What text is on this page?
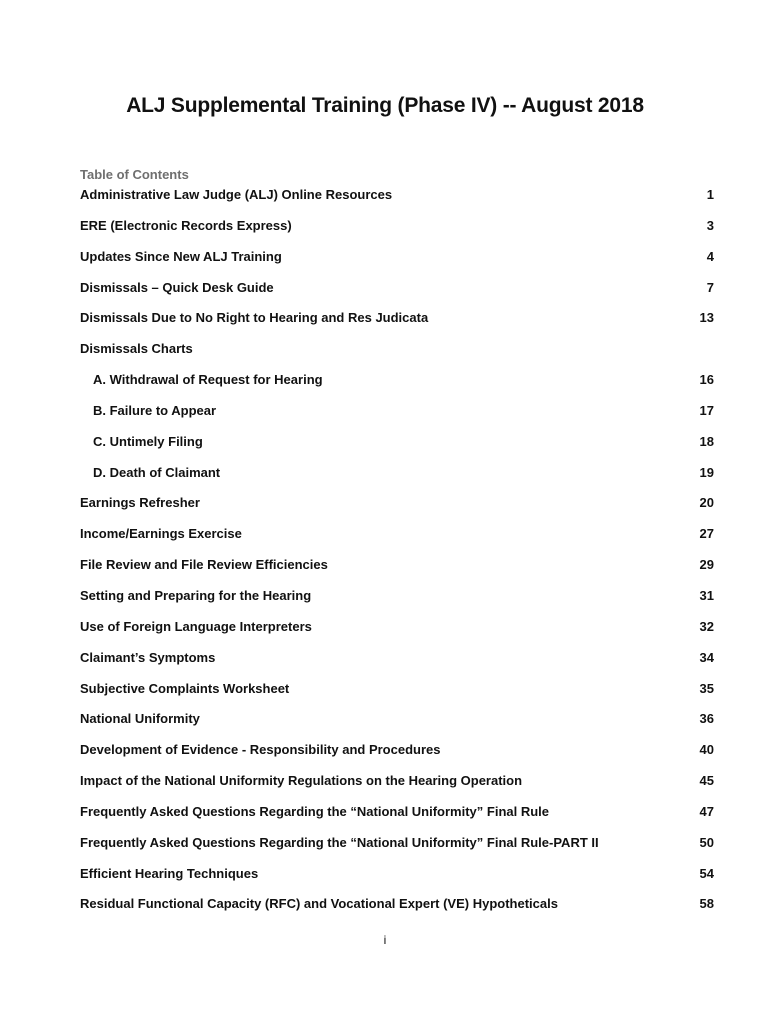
ALJ Supplemental Training (Phase IV) -- August 2018
Table of Contents
Administrative Law Judge (ALJ) Online Resources	1
ERE (Electronic Records Express)	3
Updates Since New ALJ Training	4
Dismissals – Quick Desk Guide	7
Dismissals Due to No Right to Hearing and Res Judicata	13
Dismissals Charts
A. Withdrawal of Request for Hearing	16
B. Failure to Appear	17
C. Untimely Filing	18
D. Death of Claimant	19
Earnings Refresher	20
Income/Earnings Exercise	27
File Review and File Review Efficiencies	29
Setting and Preparing for the Hearing	31
Use of Foreign Language Interpreters	32
Claimant’s Symptoms	34
Subjective Complaints Worksheet	35
National Uniformity	36
Development of Evidence - Responsibility and Procedures	40
Impact of the National Uniformity Regulations on the Hearing Operation	45
Frequently Asked Questions Regarding the “National Uniformity” Final Rule	47
Frequently Asked Questions Regarding the “National Uniformity” Final Rule-PART II	50
Efficient Hearing Techniques	54
Residual Functional Capacity (RFC) and Vocational Expert (VE) Hypotheticals	58
i
